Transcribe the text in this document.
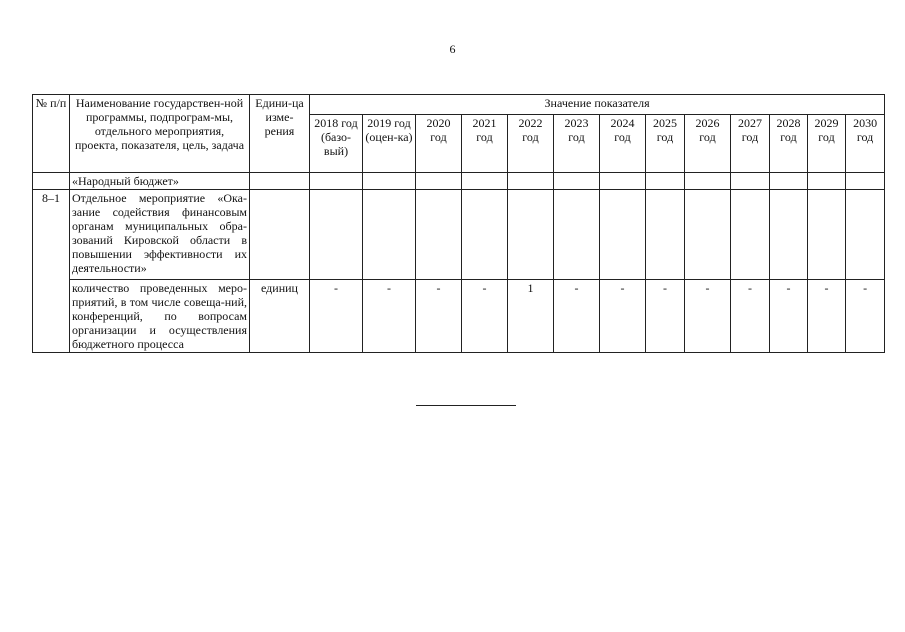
6
№ п/п	Наименование государствен-ной программы, подпрограм-мы, отдельного мероприятия, проекта, показателя, цель, задача	Едини-ца изме-рения	Значение показателя												
			2018 год (базо-вый)	2019 год (оцен-ка)	2020 год	2021 год	2022 год	2023 год	2024 год	2025 год	2026 год	2027 год	2028 год	2029 год	2030 год
	«Народный бюджет»														
8–1	Отдельное мероприятие «Ока-зание содействия финансовым органам муниципальных обра-зований Кировской области в повышении эффективности их деятельности»														
	количество проведенных меро-приятий, в том числе совеща-ний, конференций, по вопросам организации и осуществления бюджетного процесса	единиц	-	-	-	-	1	-	-	-	-	-	-	-	-
